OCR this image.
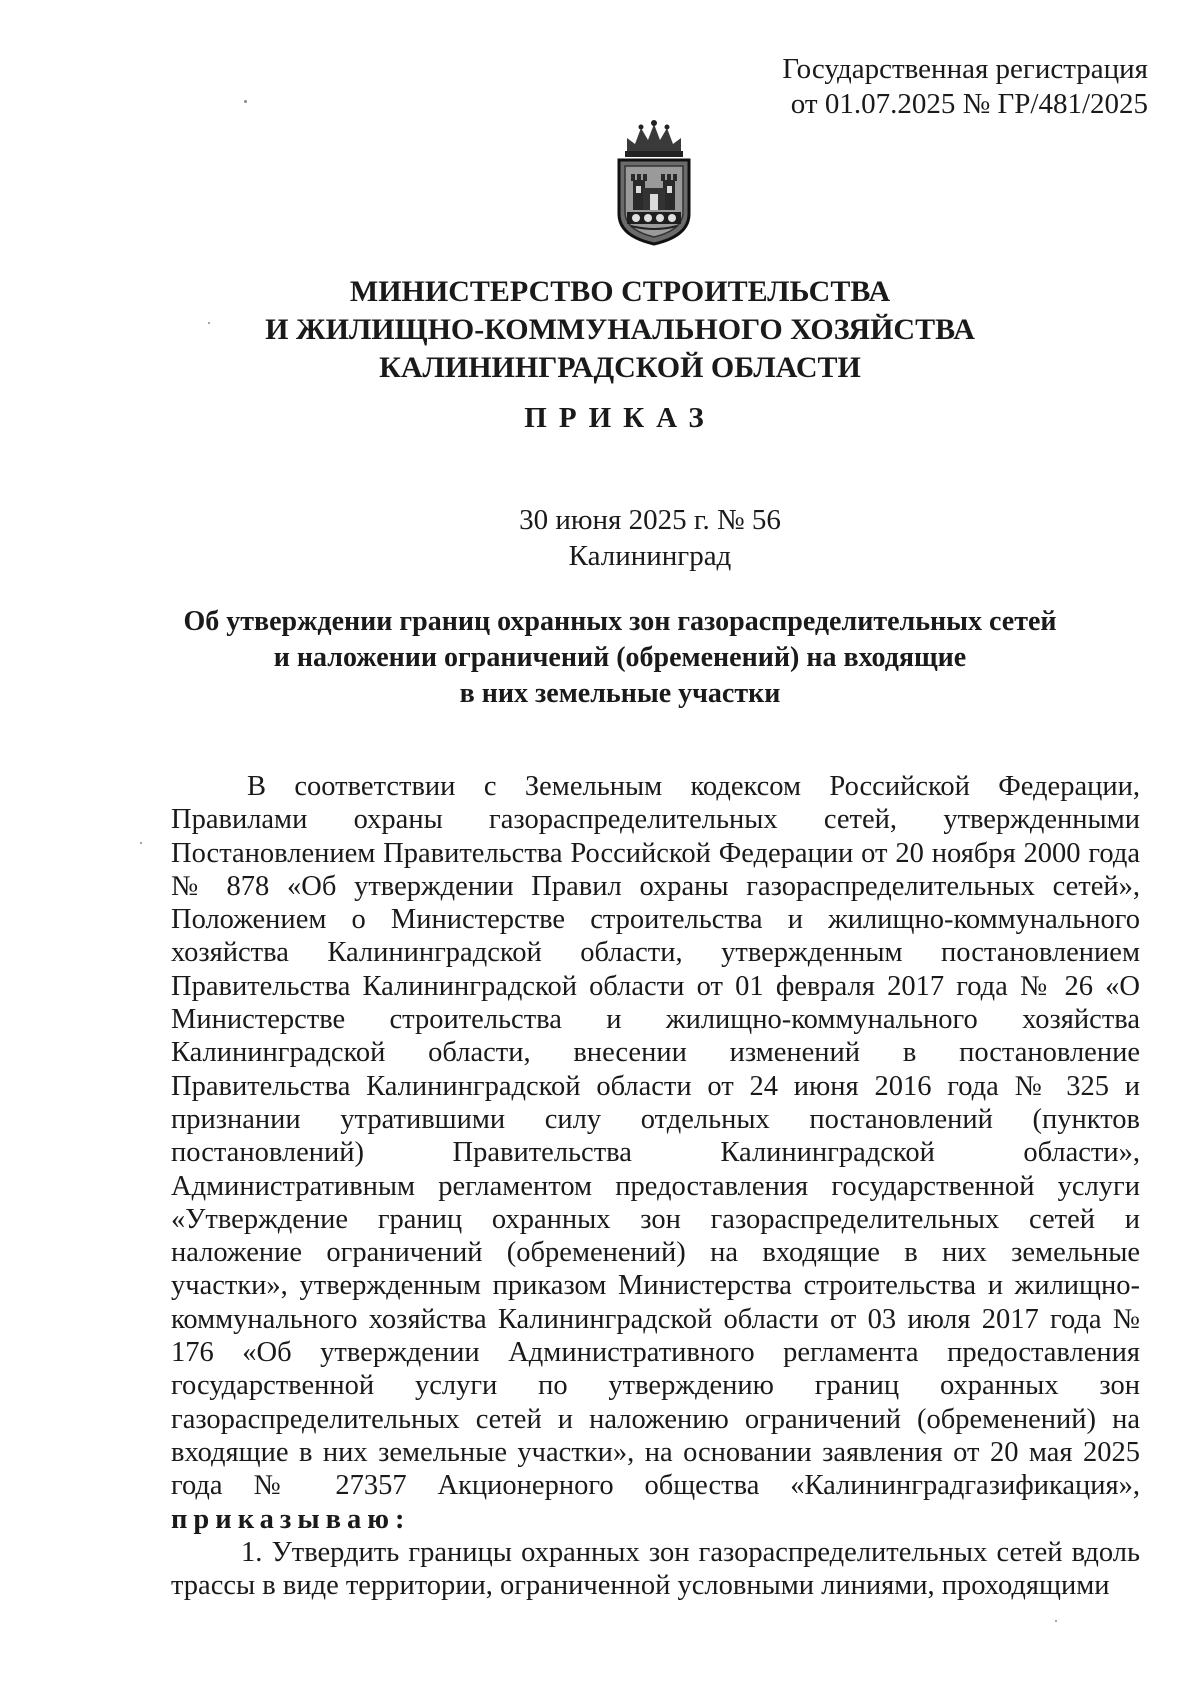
Государственная регистрация
от 01.07.2025 № ГР/481/2025
МИНИСТЕРСТВО СТРОИТЕЛЬСТВА
И ЖИЛИЩНО-КОММУНАЛЬНОГО ХОЗЯЙСТВА
КАЛИНИНГРАДСКОЙ ОБЛАСТИ
ПРИКАЗ
30 июня 2025 г. № 56
Калининград
Об утверждении границ охранных зон газораспределительных сетей
и наложении ограничений (обременений) на входящие
в них земельные участки

В соответствии с Земельным кодексом Российской Федерации, Правилами охраны газораспределительных сетей, утвержденными Постановлением Правительства Российской Федерации от 20 ноября 2000 года № 878 «Об утверждении Правил охраны газораспределительных сетей», Положением о Министерстве строительства и жилищно-коммунального хозяйства Калининградской области, утвержденным постановлением Правительства Калининградской области от 01 февраля 2017 года № 26 «О Министерстве строительства и жилищно-коммунального хозяйства Калининградской области, внесении изменений в постановление Правительства Калининградской области от 24 июня 2016 года № 325 и признании утратившими силу отдельных постановлений (пунктов постановлений) Правительства Калининградской области», Административным регламентом предоставления государственной услуги «Утверждение границ охранных зон газораспределительных сетей и наложение ограничений (обременений) на входящие в них земельные участки», утвержденным приказом Министерства строительства и жилищно-коммунального хозяйства Калининградской области от 03 июля 2017 года № 176 «Об утверждении Административного регламента предоставления государственной услуги по утверждению границ охранных зон газораспределительных сетей и наложению ограничений (обременений) на входящие в них земельные участки», на основании заявления от 20 мая 2025 года № 27357 Акционерного общества «Калининградгазификация», приказываю:

1. Утвердить границы охранных зон газораспределительных сетей вдоль трассы в виде территории, ограниченной условными линиями, проходящими
